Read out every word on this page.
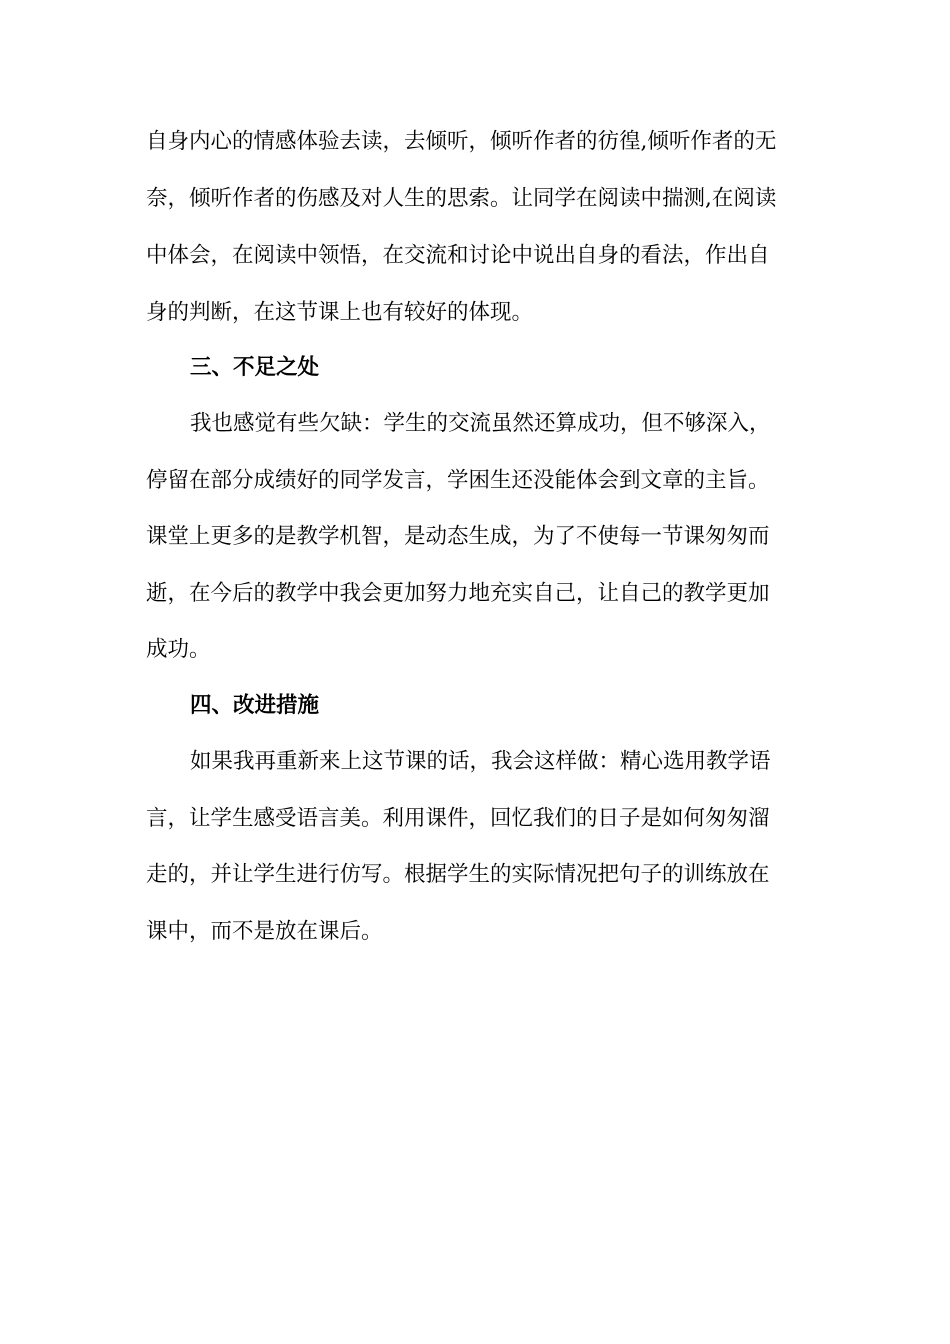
自身内心的情感体验去读，去倾听，倾听作者的彷徨,倾听作者的无
奈，倾听作者的伤感及对人生的思索。让同学在阅读中揣测,在阅读
中体会，在阅读中领悟，在交流和讨论中说出自身的看法，作出自
身的判断，在这节课上也有较好的体现。
三、不足之处
我也感觉有些欠缺：学生的交流虽然还算成功，但不够深入，
停留在部分成绩好的同学发言，学困生还没能体会到文章的主旨。
课堂上更多的是教学机智，是动态生成，为了不使每一节课匆匆而
逝，在今后的教学中我会更加努力地充实自己，让自己的教学更加
成功。
四、改进措施
如果我再重新来上这节课的话，我会这样做：精心选用教学语
言，让学生感受语言美。利用课件，回忆我们的日子是如何匆匆溜
走的，并让学生进行仿写。根据学生的实际情况把句子的训练放在
课中，而不是放在课后。
